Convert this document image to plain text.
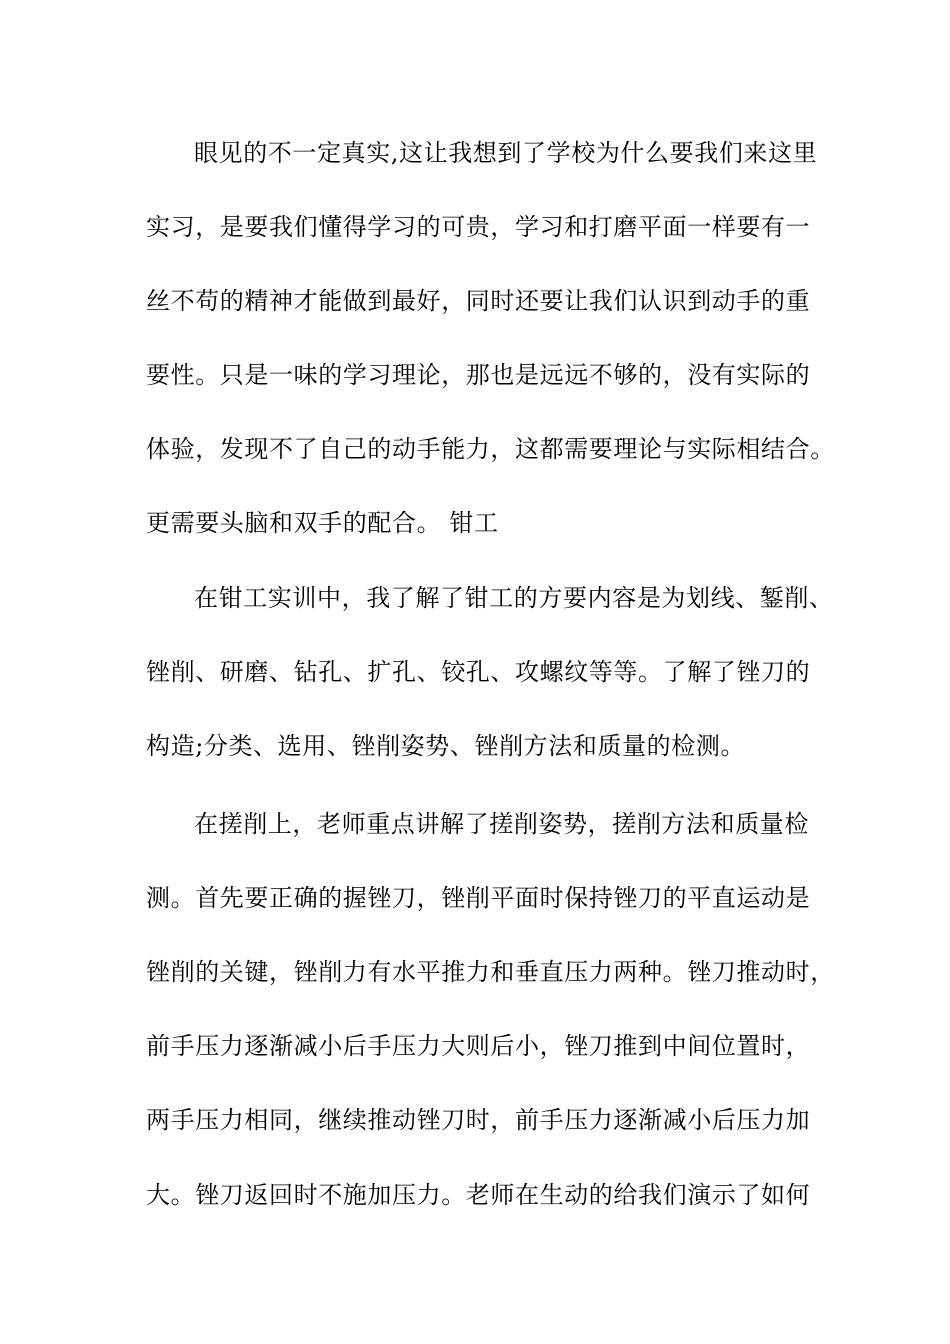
眼见的不一定真实,这让我想到了学校为什么要我们来这里
实习，是要我们懂得学习的可贵，学习和打磨平面一样要有一
丝不苟的精神才能做到最好，同时还要让我们认识到动手的重
要性。只是一味的学习理论，那也是远远不够的，没有实际的
体验，发现不了自己的动手能力，这都需要理论与实际相结合。
更需要头脑和双手的配合。 钳工
在钳工实训中，我了解了钳工的方要内容是为划线、錾削、
锉削、研磨、钻孔、扩孔、铰孔、攻螺纹等等。了解了锉刀的
构造;分类、选用、锉削姿势、锉削方法和质量的检测。
在搓削上，老师重点讲解了搓削姿势，搓削方法和质量检
测。首先要正确的握锉刀，锉削平面时保持锉刀的平直运动是
锉削的关键，锉削力有水平推力和垂直压力两种。锉刀推动时，
前手压力逐渐减小后手压力大则后小，锉刀推到中间位置时，
两手压力相同，继续推动锉刀时，前手压力逐渐减小后压力加
大。锉刀返回时不施加压力。老师在生动的给我们演示了如何
